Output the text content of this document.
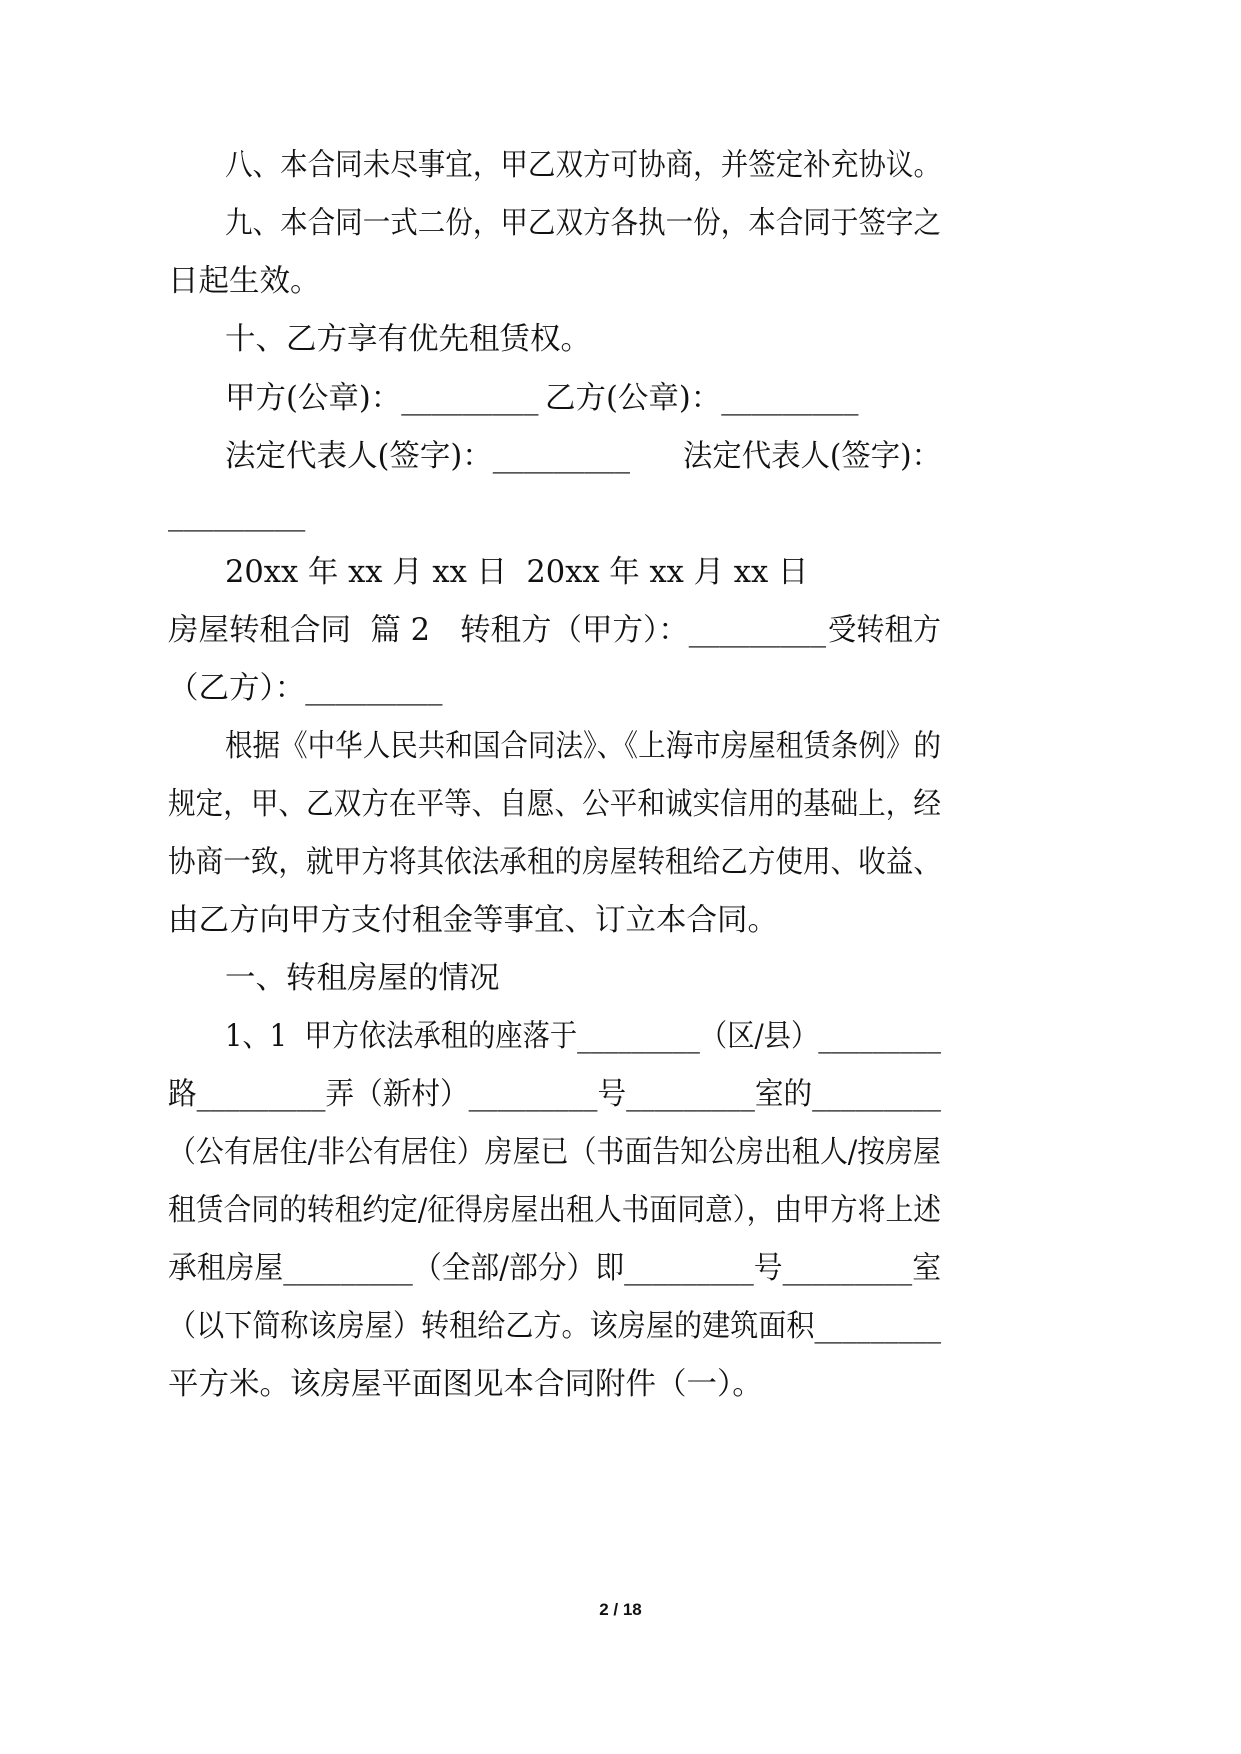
八、本合同未尽事宜，甲乙双方可协商，并签定补充协议。
九、本合同一式二份，甲乙双方各执一份，本合同于签字之
日起生效。
十、乙方享有优先租赁权。
甲方(公章)：_________ 乙方(公章)：_________
法定代表人(签字)：_________ 法定代表人(签字)：
_________
20xx 年 xx 月 xx 日  20xx 年 xx 月 xx 日
房屋转租合同  篇 2 转租方（甲方）：_________ 受转租方
（乙方）：_________
根据《中华人民共和国合同法》、《上海市房屋租赁条例》的
规定，甲、乙双方在平等、自愿、公平和诚实信用的基础上，经
协商一致，就甲方将其依法承租的房屋转租给乙方使用、收益、
由乙方向甲方支付租金等事宜、订立本合同。
一、转租房屋的情况
1、1  甲方依法承租的座落于_________（区/县）_________
路_________弄（新村）_________号_________室的_________
（公有居住/非公有居住）房屋已（书面告知公房出租人/按房屋
租赁合同的转租约定/征得房屋出租人书面同意），由甲方将上述
承租房屋_________（全部/部分）即_________号_________室
（以下简称该房屋）转租给乙方。该房屋的建筑面积_________
平方米。该房屋平面图见本合同附件（一）。
2 / 18
